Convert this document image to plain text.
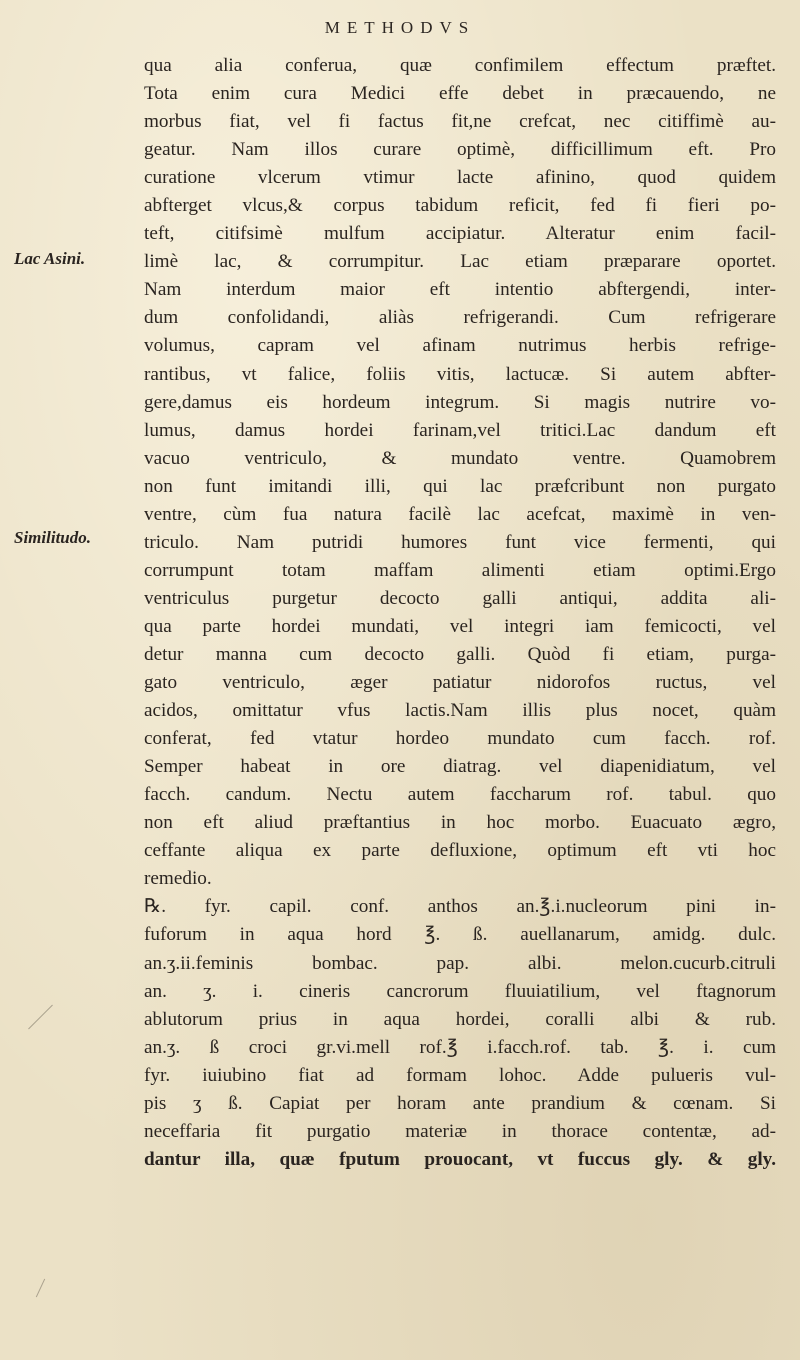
METHODVS
Lac Asini.
Similitudo.
qua alia conferua, quæ confimilem effectum præftet.
Tota enim cura Medici effe debet in præcauendo, ne
morbus fiat, vel fi factus fit,ne crefcat, nec citiffimè au-
geatur. Nam illos curare optimè, difficillimum eft. Pro
curatione vlcerum vtimur lacte afinino, quod quidem
abfterget vlcus,& corpus tabidum reficit, fed fi fieri po-
teft, citifsimè mulfum accipiatur. Alteratur enim facil-
limè lac, & corrumpitur. Lac etiam præparare oportet.
Nam interdum maior eft intentio abftergendi, inter-
dum confolidandi, aliàs refrigerandi. Cum refrigerare
volumus, capram vel afinam nutrimus herbis refrige-
rantibus, vt falice, foliis vitis, lactucæ. Si autem abfter-
gere,damus eis hordeum integrum. Si magis nutrire vo-
lumus, damus hordei farinam,vel tritici.Lac dandum eft
vacuo ventriculo, & mundato ventre. Quamobrem
non funt imitandi illi, qui lac præfcribunt non purgato
ventre, cùm fua natura facilè lac acefcat, maximè in ven-
triculo. Nam putridi humores funt vice fermenti, qui
corrumpunt totam maffam alimenti etiam optimi.Ergo
ventriculus purgetur decocto galli antiqui, addita ali-
qua parte hordei mundati, vel integri iam femicocti, vel
detur manna cum decocto galli. Quòd fi etiam, purga-
gato ventriculo, æger patiatur nidorofos ructus, vel
acidos, omittatur vfus lactis.Nam illis plus nocet, quàm
conferat, fed vtatur hordeo mundato cum facch. rof.
Semper habeat in ore diatrag. vel diapenidiatum, vel
facch. candum. Nectu autem faccharum rof. tabul. quo
non eft aliud præftantius in hoc morbo. Euacuato ægro,
ceffante aliqua ex parte defluxione, optimum eft vti hoc
remedio.
℞. fyr. capil. conf. anthos an.℥.i.nucleorum pini in-
fuforum in aqua hord ℥. ß. auellanarum, amidg. dulc.
an.ʒ.ii.feminis bombac. pap. albi. melon.cucurb.citruli
an. ʒ. i. cineris cancrorum fluuiatilium, vel ftagnorum
ablutorum prius in aqua hordei, coralli albi & rub.
an.ʒ. ß croci gr.vi.mell rof.℥ i.facch.rof. tab. ℥. i. cum
fyr. iuiubino fiat ad formam lohoc. Adde pulueris vul-
pis ʒ ß. Capiat per horam ante prandium & cœnam. Si
neceffaria fit purgatio materiæ in thorace contentæ, ad-
dantur illa, quæ fputum prouocant, vt fuccus gly. & gly.
